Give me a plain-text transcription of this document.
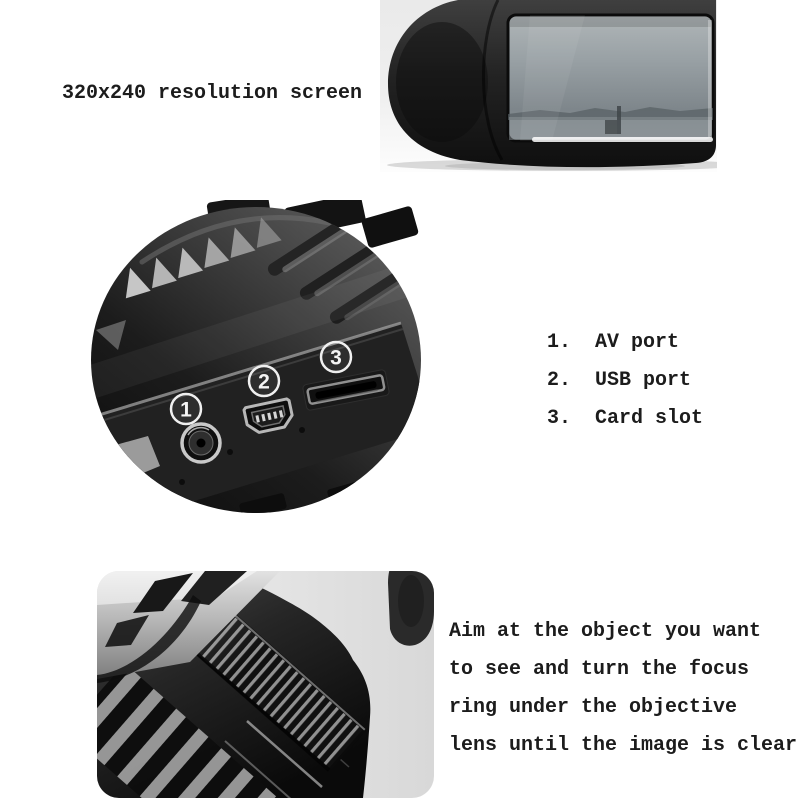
320x240 resolution screen
1
2
3
1.  AV port
2.  USB port
3.  Card slot
Aim at the object you want
to see and turn the focus
ring under the objective
lens until the image is clear
